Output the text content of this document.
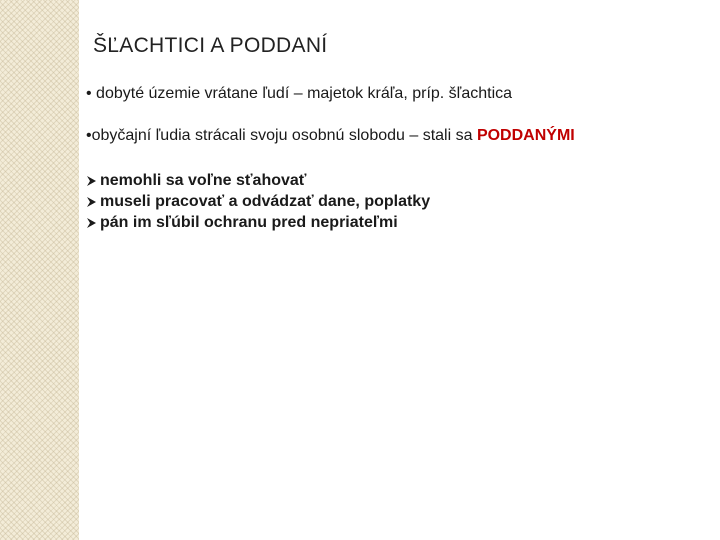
ŠĽACHTICI A PODDANÍ
• dobyté územie vrátane ľudí – majetok kráľa, príp. šľachtica
•obyčajní ľudia strácali svoju osobnú slobodu – stali sa PODDANÝMI
nemohli sa voľne sťahovať
museli pracovať a odvádzať dane, poplatky
pán im sľúbil ochranu pred nepriateľmi
